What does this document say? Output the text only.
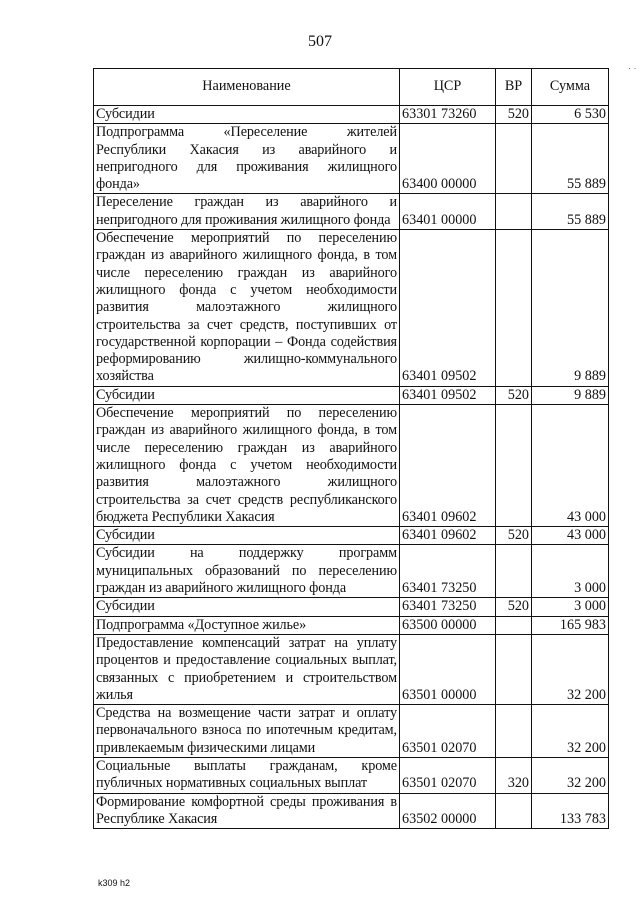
507
Наименование	ЦСР	ВР	Сумма
Субсидии	63301 73260	520	6 530
Подпрограмма «Переселение жителей Республики Хакасия из аварийного и непригодного для проживания жилищного фонда»	63400 00000		55 889
Переселение граждан из аварийного и непригодного для проживания жилищного фонда	63401 00000		55 889
Обеспечение мероприятий по переселению граждан из аварийного жилищного фонда, в том числе переселению граждан из аварийного жилищного фонда с учетом необходимости развития малоэтажного жилищного строительства за счет средств, поступивших от государственной корпорации – Фонда содействия реформированию жилищно-коммунального хозяйства	63401 09502		9 889
Субсидии	63401 09502	520	9 889
Обеспечение мероприятий по переселению граждан из аварийного жилищного фонда, в том числе переселению граждан из аварийного жилищного фонда с учетом необходимости развития малоэтажного жилищного строительства за счет средств республиканского бюджета Республики Хакасия	63401 09602		43 000
Субсидии	63401 09602	520	43 000
Субсидии на поддержку программ муниципальных образований по переселению граждан из аварийного жилищного фонда	63401 73250		3 000
Субсидии	63401 73250	520	3 000
Подпрограмма «Доступное жилье»	63500 00000		165 983
Предоставление компенсаций затрат на уплату процентов и предоставление социальных выплат, связанных с приобретением и строительством жилья	63501 00000		32 200
Средства на возмещение части затрат и оплату первоначального взноса по ипотечным кредитам, привлекаемым физическими лицами	63501 02070		32 200
Социальные выплаты гражданам, кроме публичных нормативных социальных выплат	63501 02070	320	32 200
Формирование комфортной среды проживания в Республике Хакасия	63502 00000		133 783
· ·
k309 h2
